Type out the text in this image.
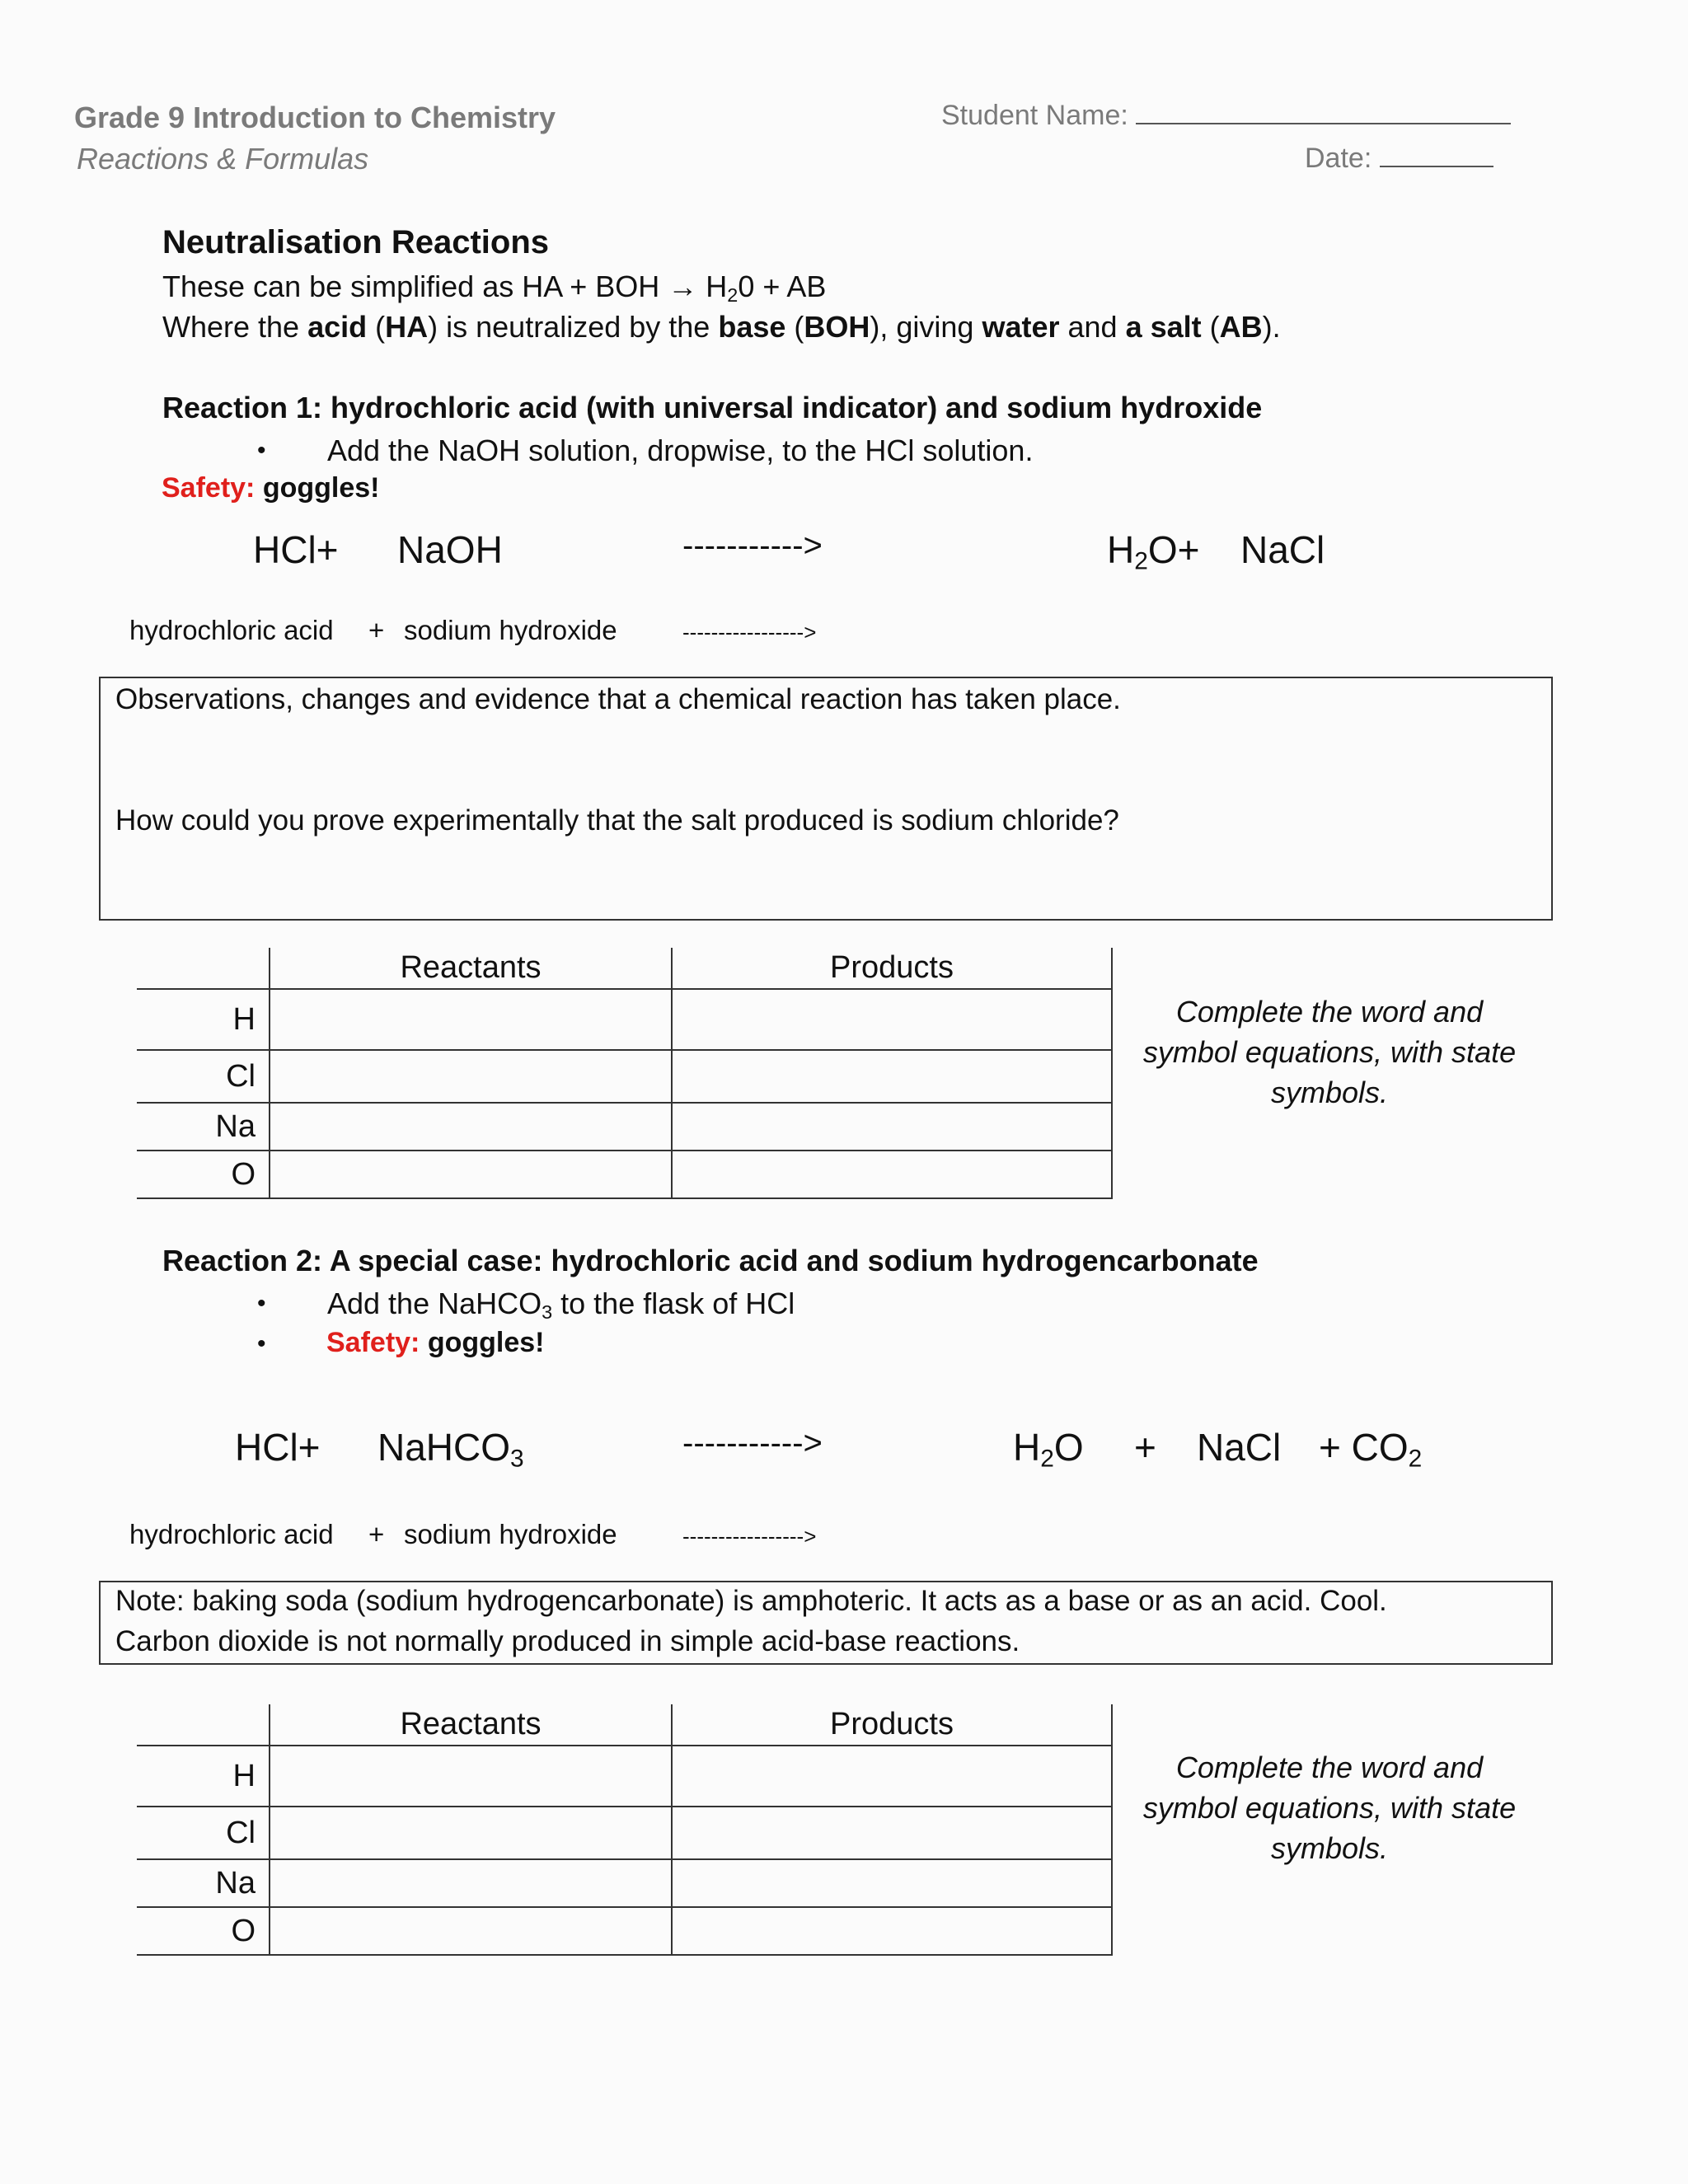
Grade 9 Introduction to Chemistry
Reactions & Formulas
Student Name:
Date:
Neutralisation Reactions
These can be simplified as HA + BOH → $H_20$ + AB
Where the acid (HA) is neutralized by the base (BOH), giving water and a salt (AB).
Reaction 1: hydrochloric acid (with universal indicator) and sodium hydroxide
• Add the NaOH solution, dropwise, to the HCl solution.
Safety: goggles!
HCl+ NaOH	----------->	$H_2O+$ NaCl
hydrochloric acid + sodium hydroxide	----------------->

Observations, changes and evidence that a chemical reaction has taken place.

How could you prove experimentally that the salt produced is sodium chloride?

	Reactants	Products
H		
Cl		
Na		
O		
Complete the word and
symbol equations, with state
symbols.
Reaction 2: A special case: hydrochloric acid and sodium hydrogencarbonate
• Add the NaHCO$_3$ to the flask of HCl
• Safety: goggles!
HCl+ NaHCO$_3$	----------->	$H_2O$ + NaCl + $CO_2$
hydrochloric acid + sodium hydroxide	----------------->

Note: baking soda (sodium hydrogencarbonate) is amphoteric. It acts as a base or as an acid. Cool.

Carbon dioxide is not normally produced in simple acid-base reactions.

	Reactants	Products
H		
Cl		
Na		
O		
Complete the word and
symbol equations, with state
symbols.
